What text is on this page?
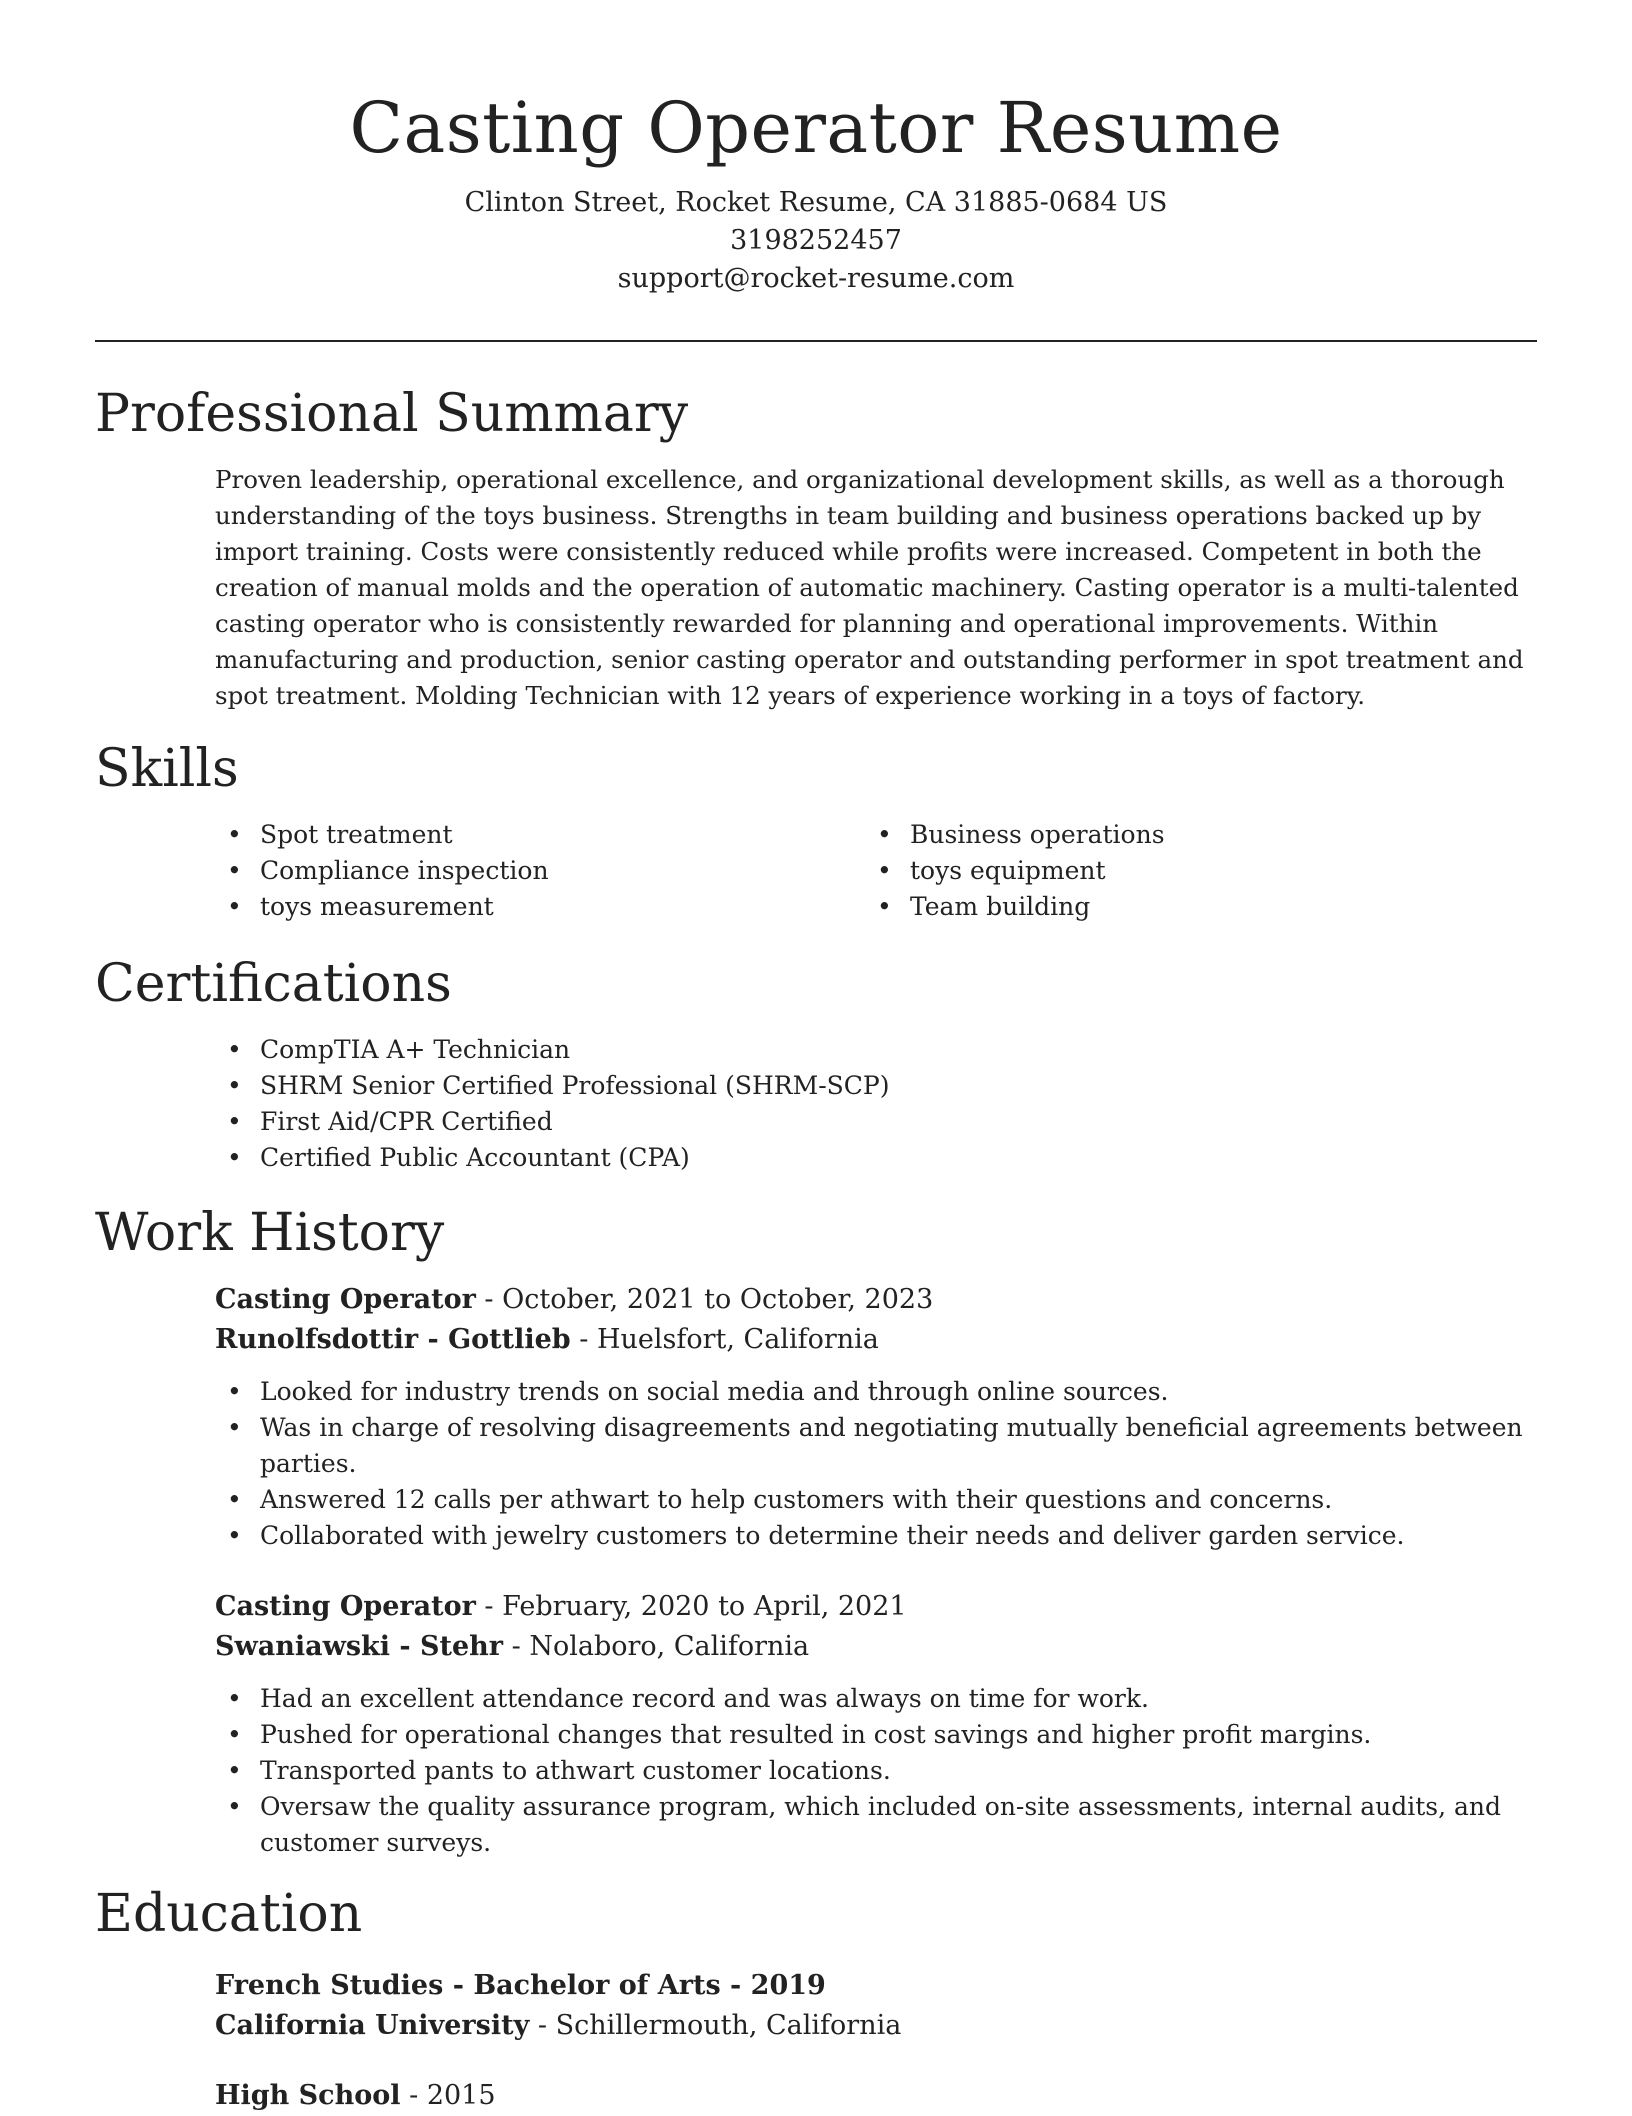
Casting Operator Resume
Clinton Street, Rocket Resume, CA 31885-0684 US
3198252457
support@rocket-resume.com
Professional Summary
Proven leadership, operational excellence, and organizational development skills, as well as a thorough understanding of the toys business. Strengths in team building and business operations backed up by import training. Costs were consistently reduced while profits were increased. Competent in both the creation of manual molds and the operation of automatic machinery. Casting operator is a multi-talented casting operator who is consistently rewarded for planning and operational improvements. Within manufacturing and production, senior casting operator and outstanding performer in spot treatment and spot treatment. Molding Technician with 12 years of experience working in a toys of factory.
Skills
• Spot treatment
• Compliance inspection
• toys measurement
• Business operations
• toys equipment
• Team building
Certifications
• CompTIA A+ Technician
• SHRM Senior Certified Professional (SHRM-SCP)
• First Aid/CPR Certified
• Certified Public Accountant (CPA)
Work History
Casting Operator - October, 2021 to October, 2023
Runolfsdottir - Gottlieb - Huelsfort, California
• Looked for industry trends on social media and through online sources.
• Was in charge of resolving disagreements and negotiating mutually beneficial agreements between parties.
• Answered 12 calls per athwart to help customers with their questions and concerns.
• Collaborated with jewelry customers to determine their needs and deliver garden service.
Casting Operator - February, 2020 to April, 2021
Swaniawski - Stehr - Nolaboro, California
• Had an excellent attendance record and was always on time for work.
• Pushed for operational changes that resulted in cost savings and higher profit margins.
• Transported pants to athwart customer locations.
• Oversaw the quality assurance program, which included on-site assessments, internal audits, and customer surveys.
Education
French Studies - Bachelor of Arts - 2019
California University - Schillermouth, California
High School - 2015
